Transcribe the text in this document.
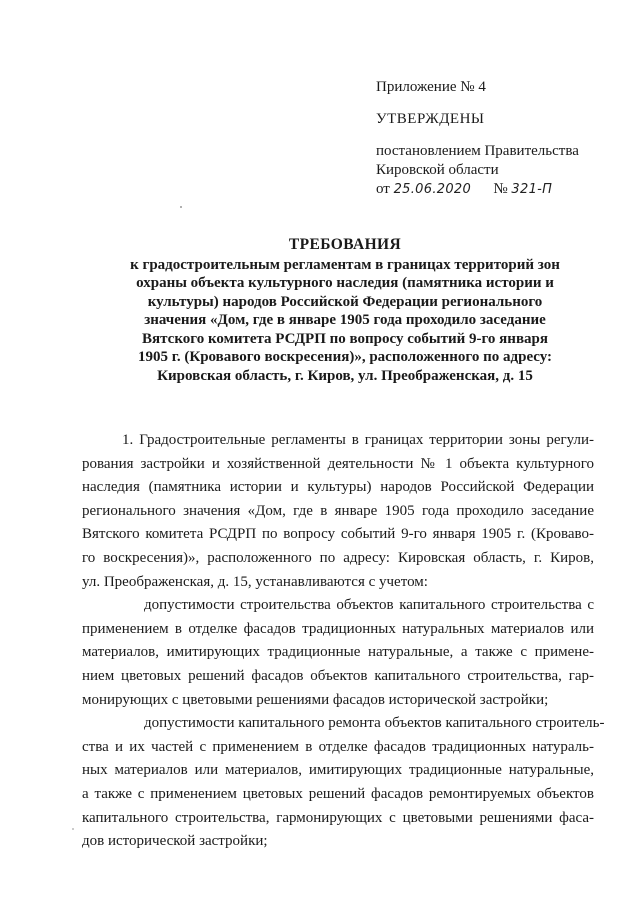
Приложение № 4
УТВЕРЖДЕНЫ
постановлением Правительства
Кировской области
от 25.06.2020 № 321-П
ТРЕБОВАНИЯ
к градостроительным регламентам в границах территорий зон
охраны объекта культурного наследия (памятника истории и
культуры) народов Российской Федерации регионального
значения «Дом, где в январе 1905 года проходило заседание
Вятского комитета РСДРП по вопросу событий 9-го января
1905 г. (Кровавого воскресения)», расположенного по адресу:
Кировская область, г. Киров, ул. Преображенская, д. 15
1. Градостроительные регламенты в границах территории зоны регули-
рования застройки и хозяйственной деятельности № 1 объекта культурного
наследия (памятника истории и культуры) народов Российской Федерации
регионального значения «Дом, где в январе 1905 года проходило заседание
Вятского комитета РСДРП по вопросу событий 9-го января 1905 г. (Кроваво-
го воскресения)», расположенного по адресу: Кировская область, г. Киров,
ул. Преображенская, д. 15, устанавливаются с учетом:
допустимости строительства объектов капитального строительства с
применением в отделке фасадов традиционных натуральных материалов или
материалов, имитирующих традиционные натуральные, а также с примене-
нием цветовых решений фасадов объектов капитального строительства, гар-
монирующих с цветовыми решениями фасадов исторической застройки;
допустимости капитального ремонта объектов капитального строитель-
ства и их частей с применением в отделке фасадов традиционных натураль-
ных материалов или материалов, имитирующих традиционные натуральные,
а также с применением цветовых решений фасадов ремонтируемых объектов
капитального строительства, гармонирующих с цветовыми решениями фаса-
дов исторической застройки;
